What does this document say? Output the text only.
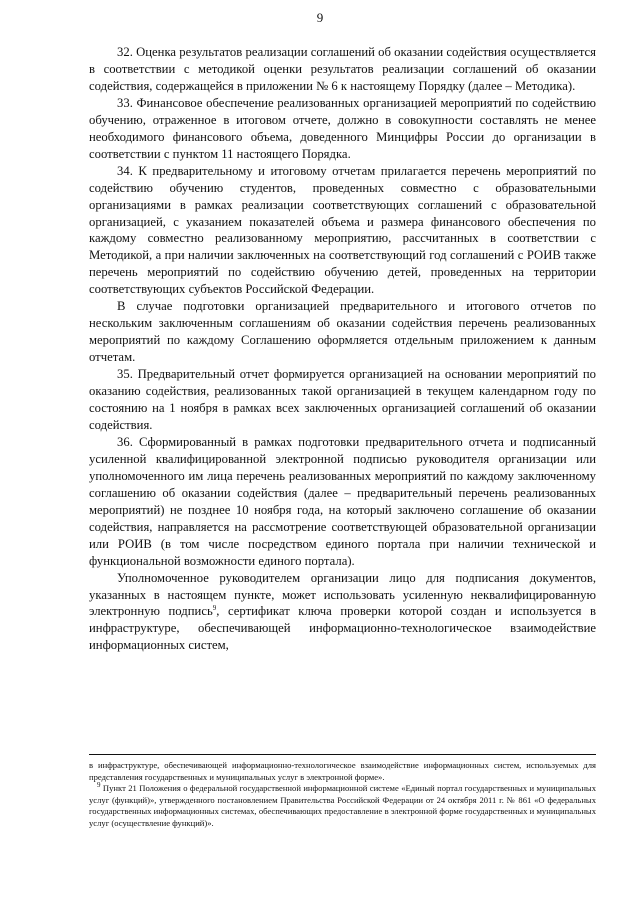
9

32. Оценка результатов реализации соглашений об оказании содействия осуществляется в соответствии с методикой оценки результатов реализации соглашений об оказании содействия, содержащейся в приложении № 6 к настоящему Порядку (далее – Методика).

33. Финансовое обеспечение реализованных организацией мероприятий по содействию обучению, отраженное в итоговом отчете, должно в совокупности составлять не менее необходимого финансового объема, доведенного Минцифры России до организации в соответствии с пунктом 11 настоящего Порядка.

34. К предварительному и итоговому отчетам прилагается перечень мероприятий по содействию обучению студентов, проведенных совместно с образовательными организациями в рамках реализации соответствующих соглашений с образовательной организацией, с указанием показателей объема и размера финансового обеспечения по каждому совместно реализованному мероприятию, рассчитанных в соответствии с Методикой, а при наличии заключенных на соответствующий год соглашений с РОИВ также перечень мероприятий по содействию обучению детей, проведенных на территории соответствующих субъектов Российской Федерации.

В случае подготовки организацией предварительного и итогового отчетов по нескольким заключенным соглашениям об оказании содействия перечень реализованных мероприятий по каждому Соглашению оформляется отдельным приложением к данным отчетам.

35. Предварительный отчет формируется организацией на основании мероприятий по оказанию содействия, реализованных такой организацией в текущем календарном году по состоянию на 1 ноября в рамках всех заключенных организацией соглашений об оказании содействия.

36. Сформированный в рамках подготовки предварительного отчета и подписанный усиленной квалифицированной электронной подписью руководителя организации или уполномоченного им лица перечень реализованных мероприятий по каждому заключенному соглашению об оказании содействия (далее – предварительный перечень реализованных мероприятий) не позднее 10 ноября года, на который заключено соглашение об оказании содействия, направляется на рассмотрение соответствующей образовательной организации или РОИВ (в том числе посредством единого портала при наличии технической и функциональной возможности единого портала).

Уполномоченное руководителем организации лицо для подписания документов, указанных в настоящем пункте, может использовать усиленную неквалифицированную электронную подпись$^9$, сертификат ключа проверки которой создан и используется в инфраструктуре, обеспечивающей информационно-технологическое взаимодействие информационных систем,

в инфраструктуре, обеспечивающей информационно-технологическое взаимодействие информационных систем, используемых для представления государственных и муниципальных услуг в электронной форме».

$^9$ Пункт 21 Положения о федеральной государственной информационной системе «Единый портал государственных и муниципальных услуг (функций)», утвержденного постановлением Правительства Российской Федерации от 24 октября 2011 г. № 861 «О федеральных государственных информационных системах, обеспечивающих предоставление в электронной форме государственных и муниципальных услуг (осуществление функций)».
